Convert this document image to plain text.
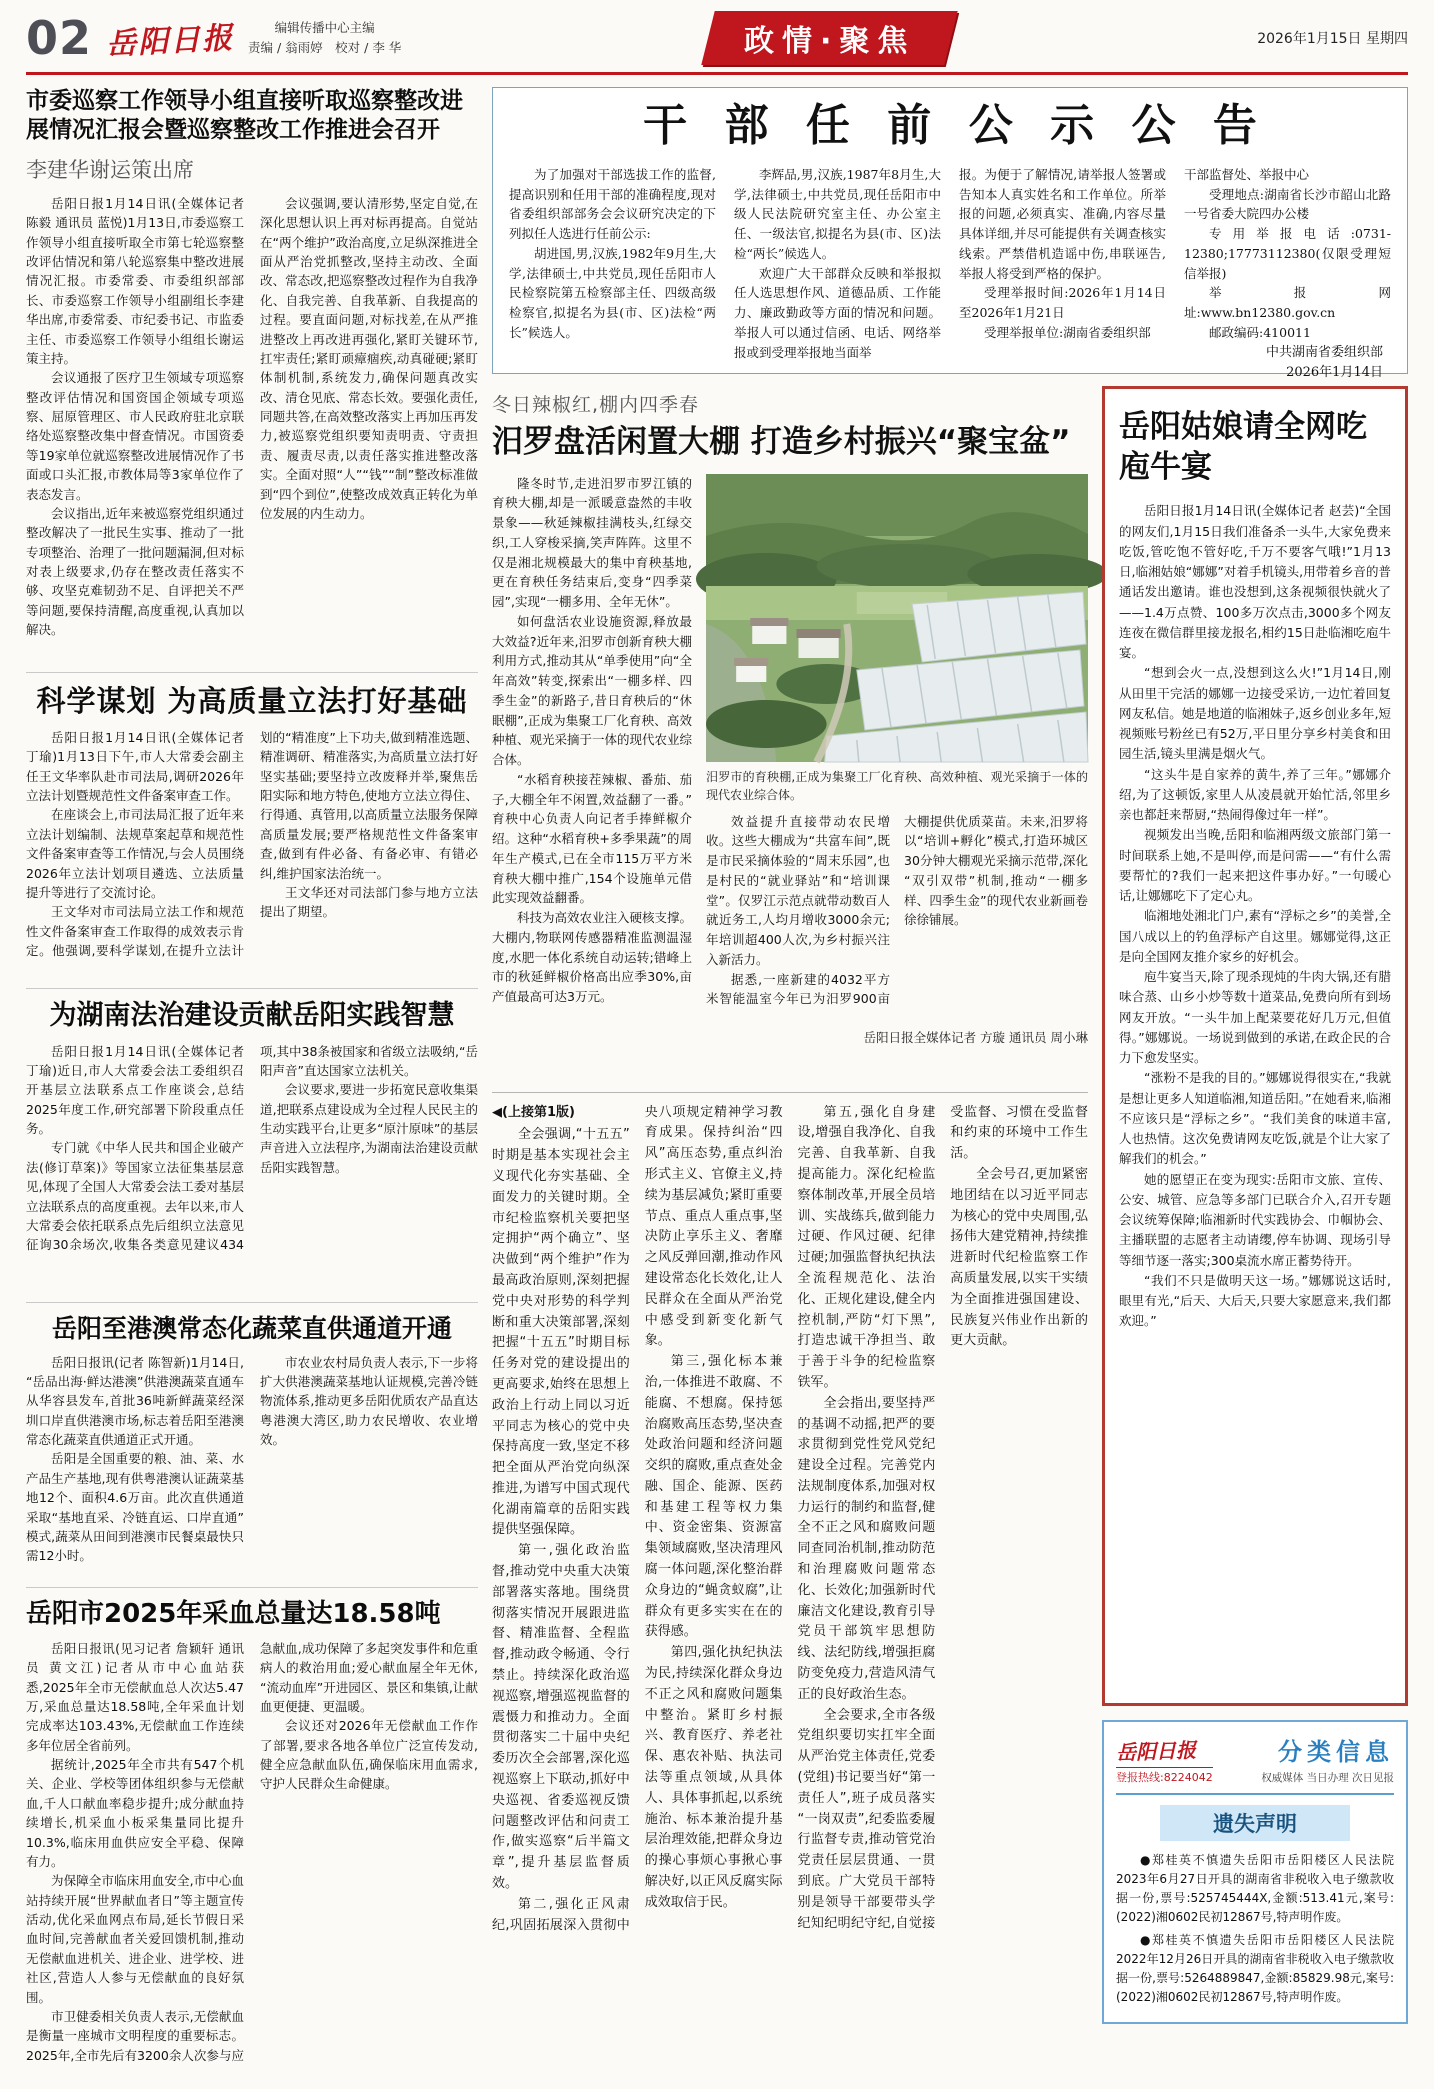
02 岳阳日报	编辑传播中心主编
责编 / 翁雨婷　校对 / 李 华	政情·聚焦	2026年1月15日 星期四
市委巡察工作领导小组直接听取巡察整改进展情况汇报会暨巡察整改工作推进会召开
李建华谢运策出席

岳阳日报1月14日讯(全媒体记者 陈毅 通讯员 蓝悦)1月13日,市委巡察工作领导小组直接听取全市第七轮巡察整改评估情况和第八轮巡察集中整改进展情况汇报。市委常委、市委组织部部长、市委巡察工作领导小组副组长李建华出席,市委常委、市纪委书记、市监委主任、市委巡察工作领导小组组长谢运策主持。

会议通报了医疗卫生领域专项巡察整改评估情况和国资国企领域专项巡察、屈原管理区、市人民政府驻北京联络处巡察整改集中督查情况。市国资委等19家单位就巡察整改进展情况作了书面或口头汇报,市教体局等3家单位作了表态发言。

会议指出,近年来被巡察党组织通过整改解决了一批民生实事、推动了一批专项整治、治理了一批问题漏洞,但对标对表上级要求,仍存在整改责任落实不够、攻坚克难韧劲不足、自评把关不严等问题,要保持清醒,高度重视,认真加以解决。

会议强调,要认清形势,坚定自觉,在深化思想认识上再对标再提高。自觉站在“两个维护”政治高度,立足纵深推进全面从严治党抓整改,坚持主动改、全面改、常态改,把巡察整改过程作为自我净化、自我完善、自我革新、自我提高的过程。要直面问题,对标找差,在从严推进整改上再改进再强化,紧盯关键环节,扛牢责任;紧盯顽瘴痼疾,动真碰硬;紧盯体制机制,系统发力,确保问题真改实改、清仓见底、常态长效。要强化责任,同题共答,在高效整改落实上再加压再发力,被巡察党组织要知责明责、守责担责、履责尽责,以责任落实推进整改落实。全面对照“人”“钱”“制”整改标准做到“四个到位”,使整改成效真正转化为单位发展的内生动力。

科学谋划 为高质量立法打好基础

岳阳日报1月14日讯(全媒体记者 丁瑜)1月13日下午,市人大常委会副主任王文华率队赴市司法局,调研2026年立法计划暨规范性文件备案审查工作。

在座谈会上,市司法局汇报了近年来立法计划编制、法规草案起草和规范性文件备案审查等工作情况,与会人员围绕2026年立法计划项目遴选、立法质量提升等进行了交流讨论。

王文华对市司法局立法工作和规范性文件备案审查工作取得的成效表示肯定。他强调,要科学谋划,在提升立法计划的“精准度”上下功夫,做到精准选题、精准调研、精准落实,为高质量立法打好坚实基础;要坚持立改废释并举,聚焦岳阳实际和地方特色,使地方立法立得住、行得通、真管用,以高质量立法服务保障高质量发展;要严格规范性文件备案审查,做到有件必备、有备必审、有错必纠,维护国家法治统一。

王文华还对司法部门参与地方立法提出了期望。

为湖南法治建设贡献岳阳实践智慧

岳阳日报1月14日讯(全媒体记者 丁瑜)近日,市人大常委会法工委组织召开基层立法联系点工作座谈会,总结2025年度工作,研究部署下阶段重点任务。

专门就《中华人民共和国企业破产法(修订草案)》等国家立法征集基层意见,体现了全国人大常委会法工委对基层立法联系点的高度重视。去年以来,市人大常委会依托联系点先后组织立法意见征询30余场次,收集各类意见建议434项,其中38条被国家和省级立法吸纳,“岳阳声音”直达国家立法机关。

会议要求,要进一步拓宽民意收集渠道,把联系点建设成为全过程人民民主的生动实践平台,让更多“原汁原味”的基层声音进入立法程序,为湖南法治建设贡献岳阳实践智慧。

岳阳至港澳常态化蔬菜直供通道开通

岳阳日报讯(记者 陈智新)1月14日,“岳品出海·鲜达港澳”供港澳蔬菜直通车从华容县发车,首批36吨新鲜蔬菜经深圳口岸直供港澳市场,标志着岳阳至港澳常态化蔬菜直供通道正式开通。

岳阳是全国重要的粮、油、菜、水产品生产基地,现有供粤港澳认证蔬菜基地12个、面积4.6万亩。此次直供通道采取“基地直采、冷链直运、口岸直通”模式,蔬菜从田间到港澳市民餐桌最快只需12小时。

市农业农村局负责人表示,下一步将扩大供港澳蔬菜基地认证规模,完善冷链物流体系,推动更多岳阳优质农产品直达粤港澳大湾区,助力农民增收、农业增效。

岳阳市2025年采血总量达18.58吨

岳阳日报讯(见习记者 詹颖轩 通讯员 黄文江)记者从市中心血站获悉,2025年全市无偿献血总人次达5.47万,采血总量达18.58吨,全年采血计划完成率达103.43%,无偿献血工作连续多年位居全省前列。

据统计,2025年全市共有547个机关、企业、学校等团体组织参与无偿献血,千人口献血率稳步提升;成分献血持续增长,机采血小板采集量同比提升10.3%,临床用血供应安全平稳、保障有力。

为保障全市临床用血安全,市中心血站持续开展“世界献血者日”等主题宣传活动,优化采血网点布局,延长节假日采血时间,完善献血者关爱回馈机制,推动无偿献血进机关、进企业、进学校、进社区,营造人人参与无偿献血的良好氛围。

市卫健委相关负责人表示,无偿献血是衡量一座城市文明程度的重要标志。2025年,全市先后有3200余人次参与应急献血,成功保障了多起突发事件和危重病人的救治用血;爱心献血屋全年无休,“流动血库”开进园区、景区和集镇,让献血更便捷、更温暖。

会议还对2026年无偿献血工作作了部署,要求各地各单位广泛宣传发动,健全应急献血队伍,确保临床用血需求,守护人民群众生命健康。

干部任前公示公告

为了加强对干部选拔工作的监督,提高识别和任用干部的准确程度,现对省委组织部部务会会议研究决定的下列拟任人选进行任前公示:

胡进国,男,汉族,1982年9月生,大学,法律硕士,中共党员,现任岳阳市人民检察院第五检察部主任、四级高级检察官,拟提名为县(市、区)法检“两长”候选人。

李辉品,男,汉族,1987年8月生,大学,法律硕士,中共党员,现任岳阳市中级人民法院研究室主任、办公室主任、一级法官,拟提名为县(市、区)法检“两长”候选人。

欢迎广大干部群众反映和举报拟任人选思想作风、道德品质、工作能力、廉政勤政等方面的情况和问题。举报人可以通过信函、电话、网络举报或到受理举报地当面举

报。为便于了解情况,请举报人签署或告知本人真实姓名和工作单位。所举报的问题,必须真实、准确,内容尽量具体详细,并尽可能提供有关调查核实线索。严禁借机造谣中伤,串联诬告,举报人将受到严格的保护。

受理举报时间:2026年1月14日至2026年1月21日

受理举报单位:湖南省委组织部

干部监督处、举报中心

受理地点:湖南省长沙市韶山北路一号省委大院四办公楼

专用举报电话:0731-12380;17773112380(仅限受理短信举报)

举报网址:www.bn12380.gov.cn

邮政编码:410011

中共湖南省委组织部
2026年1月14日
冬日辣椒红,棚内四季春
汨罗盘活闲置大棚 打造乡村振兴“聚宝盆”

隆冬时节,走进汨罗市罗江镇的育秧大棚,却是一派暖意盎然的丰收景象——秋延辣椒挂满枝头,红绿交织,工人穿梭采摘,笑声阵阵。这里不仅是湘北规模最大的集中育秧基地,更在育秧任务结束后,变身“四季菜园”,实现“一棚多用、全年无休”。

如何盘活农业设施资源,释放最大效益?近年来,汨罗市创新育秧大棚利用方式,推动其从“单季使用”向“全年高效”转变,探索出“一棚多样、四季生金”的新路子,昔日育秧后的“休眠棚”,正成为集聚工厂化育秧、高效种植、观光采摘于一体的现代农业综合体。

“水稻育秧接茬辣椒、番茄、茄子,大棚全年不闲置,效益翻了一番。”育秧中心负责人向记者手捧鲜椒介绍。这种“水稻育秧+多季果蔬”的周年生产模式,已在全市115万平方米育秧大棚中推广,154个设施单元借此实现效益翻番。

科技为高效农业注入硬核支撑。大棚内,物联网传感器精准监测温湿度,水肥一体化系统自动运转;错峰上市的秋延鲜椒价格高出应季30%,亩产值最高可达3万元。

汨罗市的育秧棚,正成为集聚工厂化育秧、高效种植、观光采摘于一体的现代农业综合体。

效益提升直接带动农民增收。这些大棚成为“共富车间”,既是市民采摘体验的“周末乐园”,也是村民的“就业驿站”和“培训课堂”。仅罗江示范点就带动数百人就近务工,人均月增收3000余元;年培训超400人次,为乡村振兴注入新活力。

据悉,一座新建的4032平方米智能温室今年已为汨罗900亩大棚提供优质菜苗。未来,汨罗将以“培训+孵化”模式,打造环城区30分钟大棚观光采摘示范带,深化“双引双带”机制,推动“一棚多样、四季生金”的现代农业新画卷徐徐铺展。

岳阳日报全媒体记者 方璇 通讯员 周小琳

◀(上接第1版)

全会强调,“十五五”时期是基本实现社会主义现代化夯实基础、全面发力的关键时期。全市纪检监察机关要把坚定拥护“两个确立”、坚决做到“两个维护”作为最高政治原则,深刻把握党中央对形势的科学判断和重大决策部署,深刻把握“十五五”时期目标任务对党的建设提出的更高要求,始终在思想上政治上行动上同以习近平同志为核心的党中央保持高度一致,坚定不移把全面从严治党向纵深推进,为谱写中国式现代化湖南篇章的岳阳实践提供坚强保障。

第一,强化政治监督,推动党中央重大决策部署落实落地。围绕贯彻落实情况开展跟进监督、精准监督、全程监督,推动政令畅通、令行禁止。持续深化政治巡视巡察,增强巡视监督的震慑力和推动力。全面贯彻落实二十届中央纪委历次全会部署,深化巡视巡察上下联动,抓好中央巡视、省委巡视反馈问题整改评估和问责工作,做实巡察“后半篇文章”,提升基层监督质效。

第二,强化正风肃纪,巩固拓展深入贯彻中央八项规定精神学习教育成果。保持纠治“四风”高压态势,重点纠治形式主义、官僚主义,持续为基层减负;紧盯重要节点、重点人重点事,坚决防止享乐主义、奢靡之风反弹回潮,推动作风建设常态化长效化,让人民群众在全面从严治党中感受到新变化新气象。

第三,强化标本兼治,一体推进不敢腐、不能腐、不想腐。保持惩治腐败高压态势,坚决查处政治问题和经济问题交织的腐败,重点查处金融、国企、能源、医药和基建工程等权力集中、资金密集、资源富集领域腐败,坚决清理风腐一体问题,深化整治群众身边的“蝇贪蚁腐”,让群众有更多实实在在的获得感。

第四,强化执纪执法为民,持续深化群众身边不正之风和腐败问题集中整治。紧盯乡村振兴、教育医疗、养老社保、惠农补贴、执法司法等重点领域,从具体人、具体事抓起,以系统施治、标本兼治提升基层治理效能,把群众身边的操心事烦心事揪心事解决好,以正风反腐实际成效取信于民。

第五,强化自身建设,增强自我净化、自我完善、自我革新、自我提高能力。深化纪检监察体制改革,开展全员培训、实战练兵,做到能力过硬、作风过硬、纪律过硬;加强监督执纪执法全流程规范化、法治化、正规化建设,健全内控机制,严防“灯下黑”,打造忠诚干净担当、敢于善于斗争的纪检监察铁军。

全会指出,要坚持严的基调不动摇,把严的要求贯彻到党性党风党纪建设全过程。完善党内法规制度体系,加强对权力运行的制约和监督,健全不正之风和腐败问题同查同治机制,推动防范和治理腐败问题常态化、长效化;加强新时代廉洁文化建设,教育引导党员干部筑牢思想防线、法纪防线,增强拒腐防变免疫力,营造风清气正的良好政治生态。

全会要求,全市各级党组织要切实扛牢全面从严治党主体责任,党委(党组)书记要当好“第一责任人”,班子成员落实“一岗双责”,纪委监委履行监督专责,推动管党治党责任层层贯通、一贯到底。广大党员干部特别是领导干部要带头学纪知纪明纪守纪,自觉接受监督、习惯在受监督和约束的环境中工作生活。

全会号召,更加紧密地团结在以习近平同志为核心的党中央周围,弘扬伟大建党精神,持续推进新时代纪检监察工作高质量发展,以实干实绩为全面推进强国建设、民族复兴伟业作出新的更大贡献。

岳阳姑娘请全网吃庖牛宴

岳阳日报1月14日讯(全媒体记者 赵芸)“全国的网友们,1月15日我们准备杀一头牛,大家免费来吃饭,管吃饱不管好吃,千万不要客气哦!”1月13日,临湘姑娘“娜娜”对着手机镜头,用带着乡音的普通话发出邀请。谁也没想到,这条视频很快就火了——1.4万点赞、100多万次点击,3000多个网友连夜在微信群里接龙报名,相约15日赴临湘吃庖牛宴。

“想到会火一点,没想到这么火!”1月14日,刚从田里干完活的娜娜一边接受采访,一边忙着回复网友私信。她是地道的临湘妹子,返乡创业多年,短视频账号粉丝已有52万,平日里分享乡村美食和田园生活,镜头里满是烟火气。

“这头牛是自家养的黄牛,养了三年。”娜娜介绍,为了这顿饭,家里人从凌晨就开始忙活,邻里乡亲也都赶来帮厨,“热闹得像过年一样”。

视频发出当晚,岳阳和临湘两级文旅部门第一时间联系上她,不是叫停,而是问需——“有什么需要帮忙的?我们一起来把这件事办好。”一句暖心话,让娜娜吃下了定心丸。

临湘地处湘北门户,素有“浮标之乡”的美誉,全国八成以上的钓鱼浮标产自这里。娜娜觉得,这正是向全国网友推介家乡的好机会。

庖牛宴当天,除了现杀现炖的牛肉大锅,还有腊味合蒸、山乡小炒等数十道菜品,免费向所有到场网友开放。“一头牛加上配菜要花好几万元,但值得。”娜娜说。一场说到做到的承诺,在政企民的合力下愈发坚实。

“涨粉不是我的目的。”娜娜说得很实在,“我就是想让更多人知道临湘,知道岳阳。”在她看来,临湘不应该只是“浮标之乡”。“我们美食的味道丰富,人也热情。这次免费请网友吃饭,就是个让大家了解我们的机会。”

她的愿望正在变为现实:岳阳市文旅、宣传、公安、城管、应急等多部门已联合介入,召开专题会议统筹保障;临湘新时代实践协会、巾帼协会、主播联盟的志愿者主动请缨,停车协调、现场引导等细节逐一落实;300桌流水席正蓄势待开。

“我们不只是做明天这一场。”娜娜说这话时,眼里有光,“后天、大后天,只要大家愿意来,我们都欢迎。”

岳阳日报
登报热线:8224042
分类信息
权威媒体 当日办理 次日见报
遗失声明

●郑桂英不慎遗失岳阳市岳阳楼区人民法院2023年6月27日开具的湖南省非税收入电子缴款收据一份,票号:525745444X,金额:513.41元,案号:(2022)湘0602民初12867号,特声明作废。

●郑桂英不慎遗失岳阳市岳阳楼区人民法院2022年12月26日开具的湖南省非税收入电子缴款收据一份,票号:5264889847,金额:85829.98元,案号:(2022)湘0602民初12867号,特声明作废。
